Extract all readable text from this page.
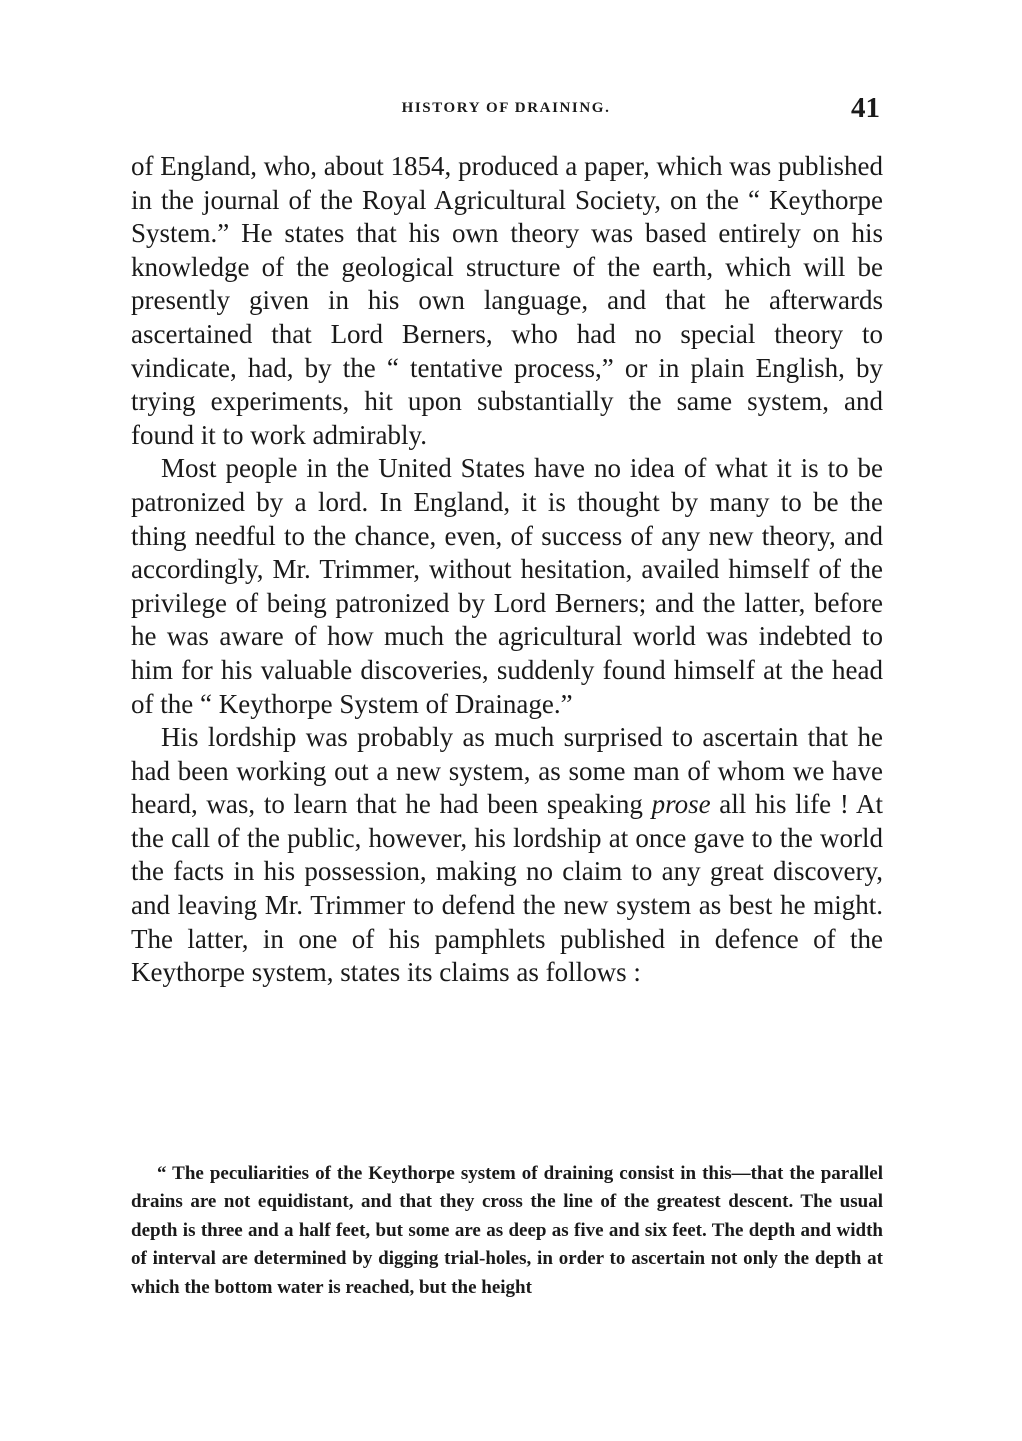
HISTORY OF DRAINING.	41

of England, who, about 1854, produced a paper, which was published in the journal of the Royal Agricultural Society, on the “ Keythorpe System.” He states that his own theory was based entirely on his knowledge of the geological structure of the earth, which will be presently given in his own language, and that he afterwards ascertained that Lord Berners, who had no special theory to vindicate, had, by the “ tentative process,” or in plain English, by trying experiments, hit upon substantially the same system, and found it to work admirably.

Most people in the United States have no idea of what it is to be patronized by a lord. In England, it is thought by many to be the thing needful to the chance, even, of success of any new theory, and accordingly, Mr. Trimmer, without hesitation, availed himself of the privilege of being patronized by Lord Berners; and the latter, before he was aware of how much the agricultural world was indebted to him for his valuable discoveries, suddenly found himself at the head of the “ Keythorpe System of Drainage.”

His lordship was probably as much surprised to ascertain that he had been working out a new system, as some man of whom we have heard, was, to learn that he had been speaking prose all his life ! At the call of the public, however, his lordship at once gave to the world the facts in his possession, making no claim to any great discovery, and leaving Mr. Trimmer to defend the new system as best he might. The latter, in one of his pamphlets published in defence of the Keythorpe system, states its claims as follows :

“ The peculiarities of the Keythorpe system of draining consist in this—that the parallel drains are not equidistant, and that they cross the line of the greatest descent. The usual depth is three and a half feet, but some are as deep as five and six feet. The depth and width of interval are determined by digging trial-holes, in order to ascertain not only the depth at which the bottom water is reached, but the height
